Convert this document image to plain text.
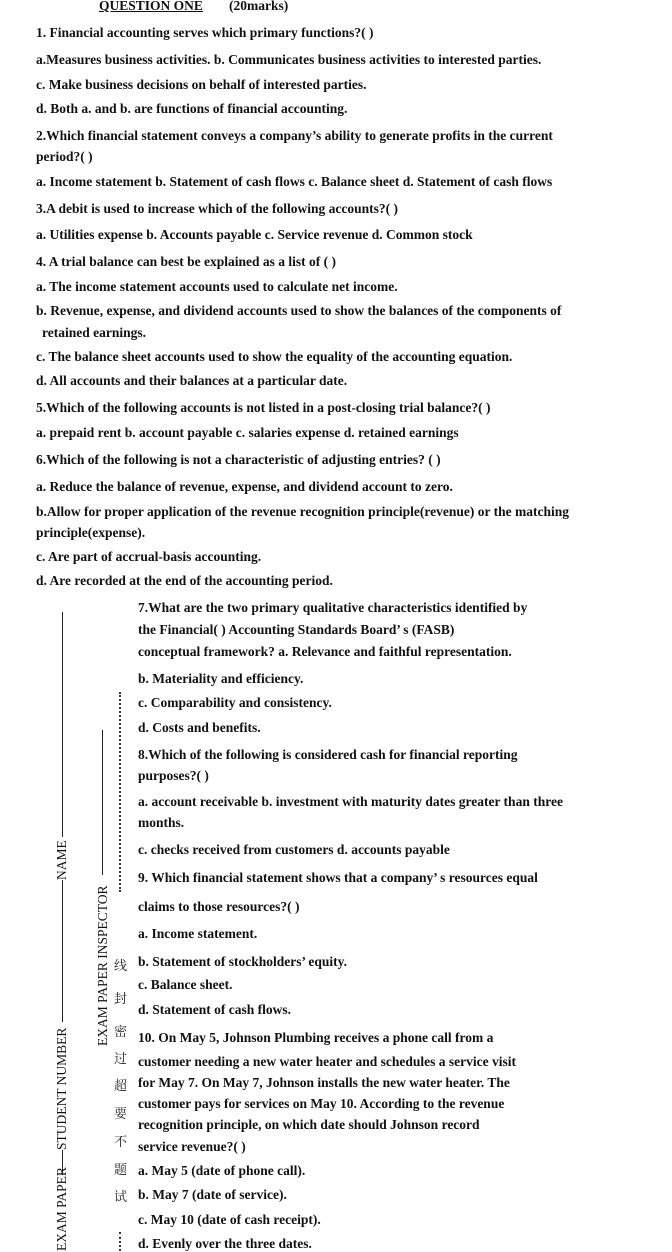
QUESTION ONE (20marks)
1. Financial accounting serves which primary functions?( )
a.Measures business activities. b. Communicates business activities to interested parties.
c. Make business decisions on behalf of interested parties.
d. Both a. and b. are functions of financial accounting.
2.Which financial statement conveys a company’s ability to generate profits in the current
period?( )
a. Income statement b. Statement of cash flows c. Balance sheet d. Statement of cash flows
3.A debit is used to increase which of the following accounts?( )
a. Utilities expense b. Accounts payable c. Service revenue d. Common stock
4. A trial balance can best be explained as a list of ( )
a. The income statement accounts used to calculate net income.
b. Revenue, expense, and dividend accounts used to show the balances of the components of
retained earnings.
c. The balance sheet accounts used to show the equality of the accounting equation.
d. All accounts and their balances at a particular date.
5.Which of the following accounts is not listed in a post-closing trial balance?( )
a. prepaid rent b. account payable c. salaries expense d. retained earnings
6.Which of the following is not a characteristic of adjusting entries? ( )
a. Reduce the balance of revenue, expense, and dividend account to zero.
b.Allow for proper application of the revenue recognition principle(revenue) or the matching
principle(expense).
c. Are part of accrual-basis accounting.
d. Are recorded at the end of the accounting period.
7.What are the two primary qualitative characteristics identified by
the Financial( ) Accounting Standards Board’ s (FASB)
conceptual framework? a. Relevance and faithful representation.
b. Materiality and efficiency.
c. Comparability and consistency.
d. Costs and benefits.
8.Which of the following is considered cash for financial reporting
purposes?( )
a. account receivable b. investment with maturity dates greater than three
months.
c. checks received from customers d. accounts payable
9. Which financial statement shows that a company’ s resources equal
claims to those resources?( )
a. Income statement.
b. Statement of stockholders’ equity.
c. Balance sheet.
d. Statement of cash flows.
10. On May 5, Johnson Plumbing receives a phone call from a
customer needing a new water heater and schedules a service visit
for May 7. On May 7, Johnson installs the new water heater. The
customer pays for services on May 10. According to the revenue
recognition principle, on which date should Johnson record
service revenue?( )
a. May 5 (date of phone call).
b. May 7 (date of service).
c. May 10 (date of cash receipt).
d. Evenly over the three dates.
NAME
STUDENT NUMBER
EXAM PAPER
EXAM PAPER INSPECTOR 线
封
密
过
超
要
不
题
试
